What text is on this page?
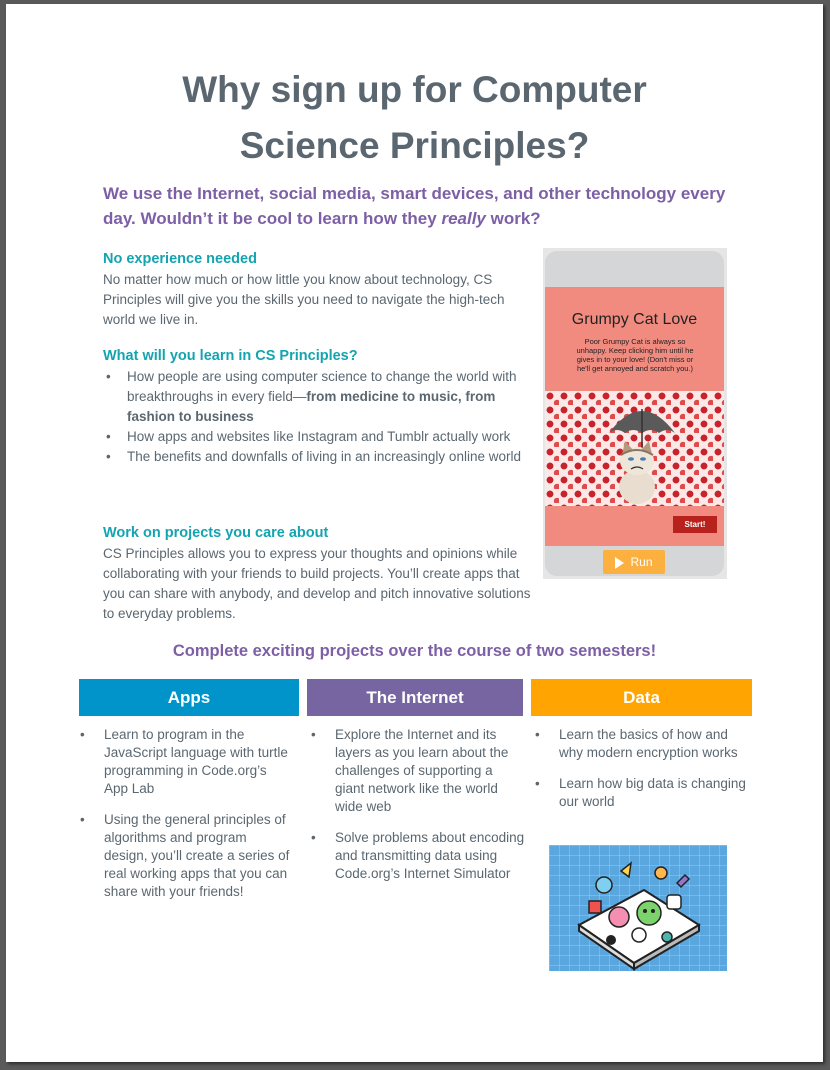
Why sign up for Computer
Science Principles?

We use the Internet, social media, smart devices, and other technology every day. Wouldn’t it be cool to learn how they really work?

No experience needed

No matter how much or how little you know about technology, CS Principles will give you the skills you need to navigate the high-tech world we live in.

What will you learn in CS Principles?
• How people are using computer science to change the world with breakthroughs in every field—from medicine to music, from fashion to business
• How apps and websites like Instagram and Tumblr actually work
• The benefits and downfalls of living in an increasingly online world
Work on projects you care about

CS Principles allows you to express your thoughts and opinions while collaborating with your friends to build projects. You’ll create apps that you can share with anybody, and develop and pitch innovative solutions to everyday problems.

Grumpy Cat Love

Poor Grumpy Cat is always so unhappy. Keep clicking him until he gives in to your love! (Don't miss or he'll get annoyed and scratch you.)

Start!
Run
Complete exciting projects over the course of two semesters!
Apps	The Internet	Data
• Learn to program in the JavaScript language with turtle programming in Code.org’s App Lab
• Using the general principles of algorithms and program design, you’ll create a series of real working apps that you can share with your friends!
• Explore the Internet and its layers as you learn about the challenges of supporting a giant network like the world wide web
• Solve problems about encoding and transmitting data using Code.org’s Internet Simulator
• Learn the basics of how and why modern encryption works
• Learn how big data is changing our world
